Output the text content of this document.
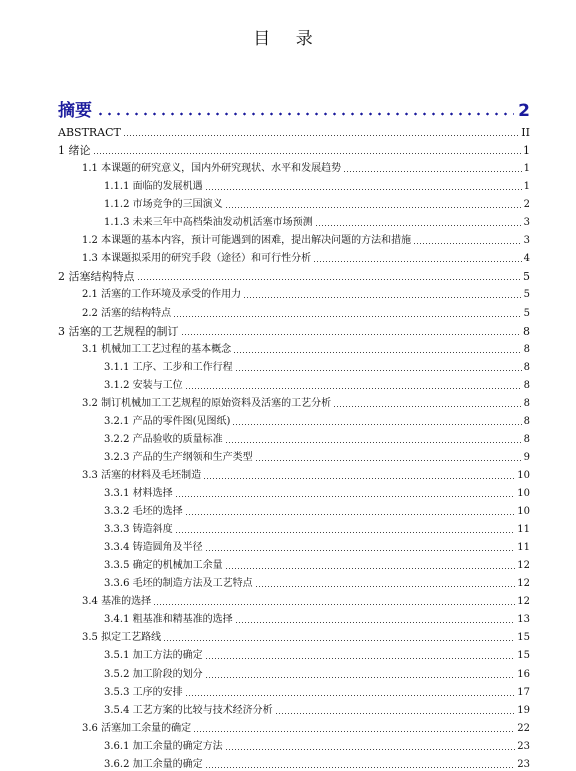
目 录
摘要	2
ABSTRACT	II
1 绪论	1
1.1 本课题的研究意义，国内外研究现状、水平和发展趋势	1
1.1.1 面临的发展机遇	1
1.1.2 市场竞争的三国演义	2
1.1.3 未来三年中高档柴油发动机活塞市场预测	3
1.2 本课题的基本内容，预计可能遇到的困难，提出解决问题的方法和措施	3
1.3 本课题拟采用的研究手段（途径）和可行性分析	4
2 活塞结构特点	5
2.1 活塞的工作环境及承受的作用力	5
2.2 活塞的结构特点	5
3 活塞的工艺规程的制订	8
3.1 机械加工工艺过程的基本概念	8
3.1.1 工序、工步和工作行程	8
3.1.2 安装与工位	8
3.2 制订机械加工工艺规程的原始资料及活塞的工艺分析	8
3.2.1 产品的零件图(见图纸)	8
3.2.2 产品验收的质量标准	8
3.2.3 产品的生产纲领和生产类型	9
3.3 活塞的材料及毛坯制造	10
3.3.1 材料选择	10
3.3.2 毛坯的选择	10
3.3.3 铸造斜度	11
3.3.4 铸造圆角及半径	11
3.3.5 确定的机械加工余量	12
3.3.6 毛坯的制造方法及工艺特点	12
3.4 基准的选择	12
3.4.1 粗基准和精基准的选择	13
3.5 拟定工艺路线	15
3.5.1 加工方法的确定	15
3.5.2 加工阶段的划分	16
3.5.3 工序的安排	17
3.5.4 工艺方案的比较与技术经济分析	19
3.6 活塞加工余量的确定	22
3.6.1 加工余量的确定方法	23
3.6.2 加工余量的确定	23
